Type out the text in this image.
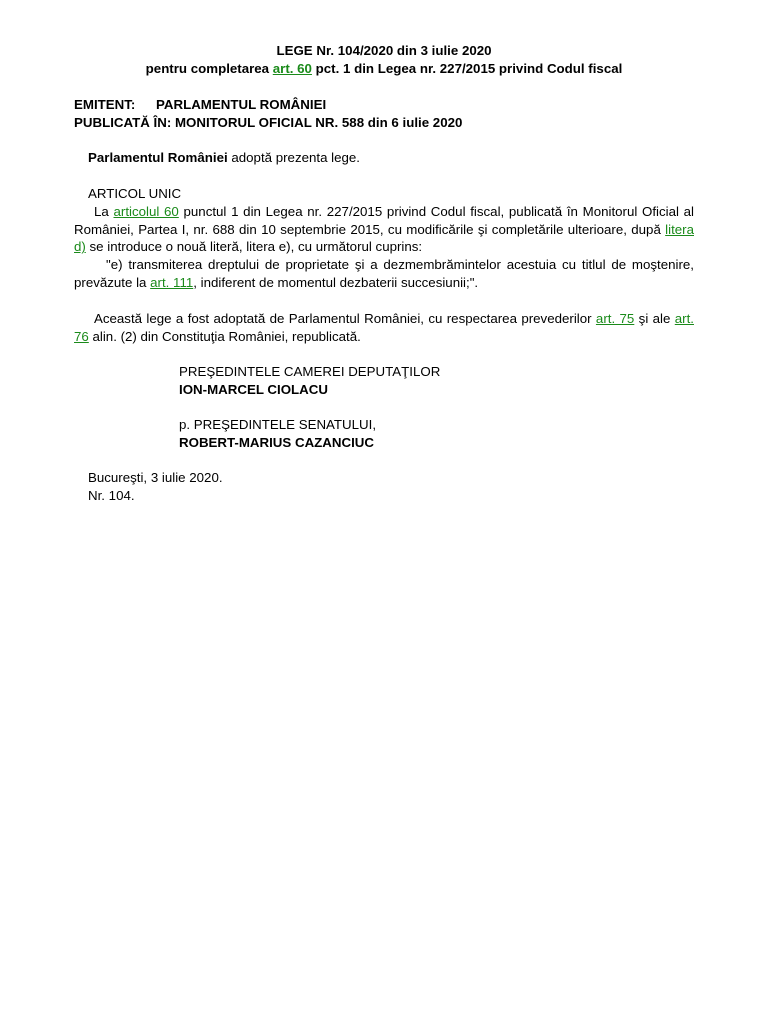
LEGE Nr. 104/2020 din 3 iulie 2020
pentru completarea art. 60 pct. 1 din Legea nr. 227/2015 privind Codul fiscal
EMITENT: PARLAMENTUL ROMÂNIEI
PUBLICATĂ ÎN: MONITORUL OFICIAL NR. 588 din 6 iulie 2020
Parlamentul României adoptă prezenta lege.
ARTICOL UNIC
La articolul 60 punctul 1 din Legea nr. 227/2015 privind Codul fiscal, publicată în Monitorul Oficial al României, Partea I, nr. 688 din 10 septembrie 2015, cu modificările şi completările ulterioare, după litera d) se introduce o nouă literă, litera e), cu următorul cuprins:
"e) transmiterea dreptului de proprietate şi a dezmembrămintelor acestuia cu titlul de moştenire, prevăzute la art. 111, indiferent de momentul dezbaterii succesiunii;".
Această lege a fost adoptată de Parlamentul României, cu respectarea prevederilor art. 75 şi ale art. 76 alin. (2) din Constituţia României, republicată.
PREŞEDINTELE CAMEREI DEPUTAŢILOR
ION-MARCEL CIOLACU
p. PREŞEDINTELE SENATULUI,
ROBERT-MARIUS CAZANCIUC
Bucureşti, 3 iulie 2020.
Nr. 104.
